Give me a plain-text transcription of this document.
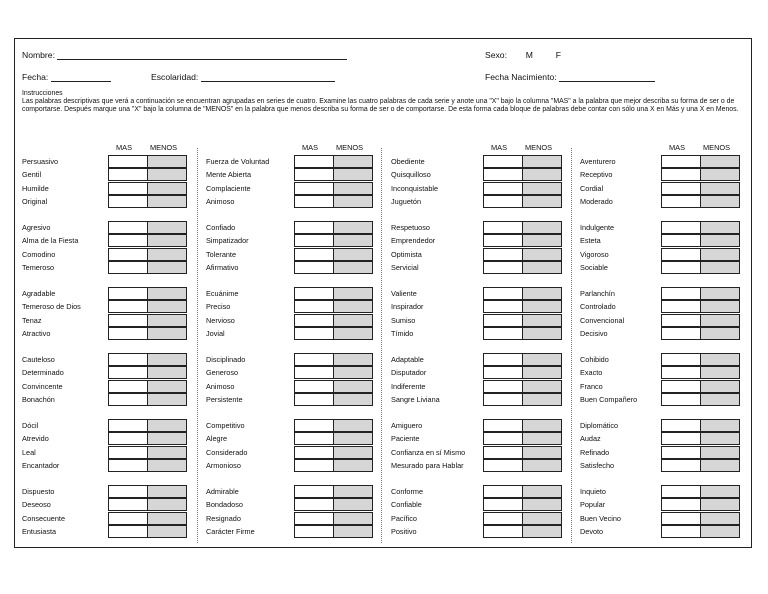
Nombre:	Sexo: M	F
Fecha:	Escolaridad:	Fecha Nacimiento:
Instrucciones
Las palabras descriptivas que verá a continuación se encuentran agrupadas en series de cuatro. Examine las cuatro palabras de cada serie y anote una "X" bajo la columna "MAS" a la palabra que mejor describa su forma de ser o de comportarse. Después marque una "X" bajo la columna de "MENOS" en la palabra que menos describa su forma de ser o de comportarse. De esta forma cada bloque de palabras debe contar con sólo una X en Más y una X en Menos.
MAS MENOS
Persuasivo
Gentil
Humilde
Original
Agresivo
Alma de la Fiesta
Comodino
Temeroso
Agradable
Temeroso de Dios
Tenaz
Atractivo
Cauteloso
Determinado
Convincente
Bonachón
Dócil
Atrevido
Leal
Encantador
Dispuesto
Deseoso
Consecuente
Entusiasta
MAS MENOS
Fuerza de Voluntad
Mente Abierta
Complaciente
Animoso
Confiado
Simpatizador
Tolerante
Afirmativo
Ecuánime
Preciso
Nervioso
Jovial
Disciplinado
Generoso
Animoso
Persistente
Competitivo
Alegre
Considerado
Armonioso
Admirable
Bondadoso
Resignado
Carácter Firme
MAS MENOS
Obediente
Quisquilloso
Inconquistable
Juguetón
Respetuoso
Emprendedor
Optimista
Servicial
Valiente
Inspirador
Sumiso
Tímido
Adaptable
Disputador
Indiferente
Sangre Liviana
Amiguero
Paciente
Confianza en sí Mismo
Mesurado para Hablar
Conforme
Confiable
Pacífico
Positivo
MAS MENOS
Aventurero
Receptivo
Cordial
Moderado
Indulgente
Esteta
Vigoroso
Sociable
Parlanchín
Controlado
Convencional
Decisivo
Cohibido
Exacto
Franco
Buen Compañero
Diplomático
Audaz
Refinado
Satisfecho
Inquieto
Popular
Buen Vecino
Devoto
